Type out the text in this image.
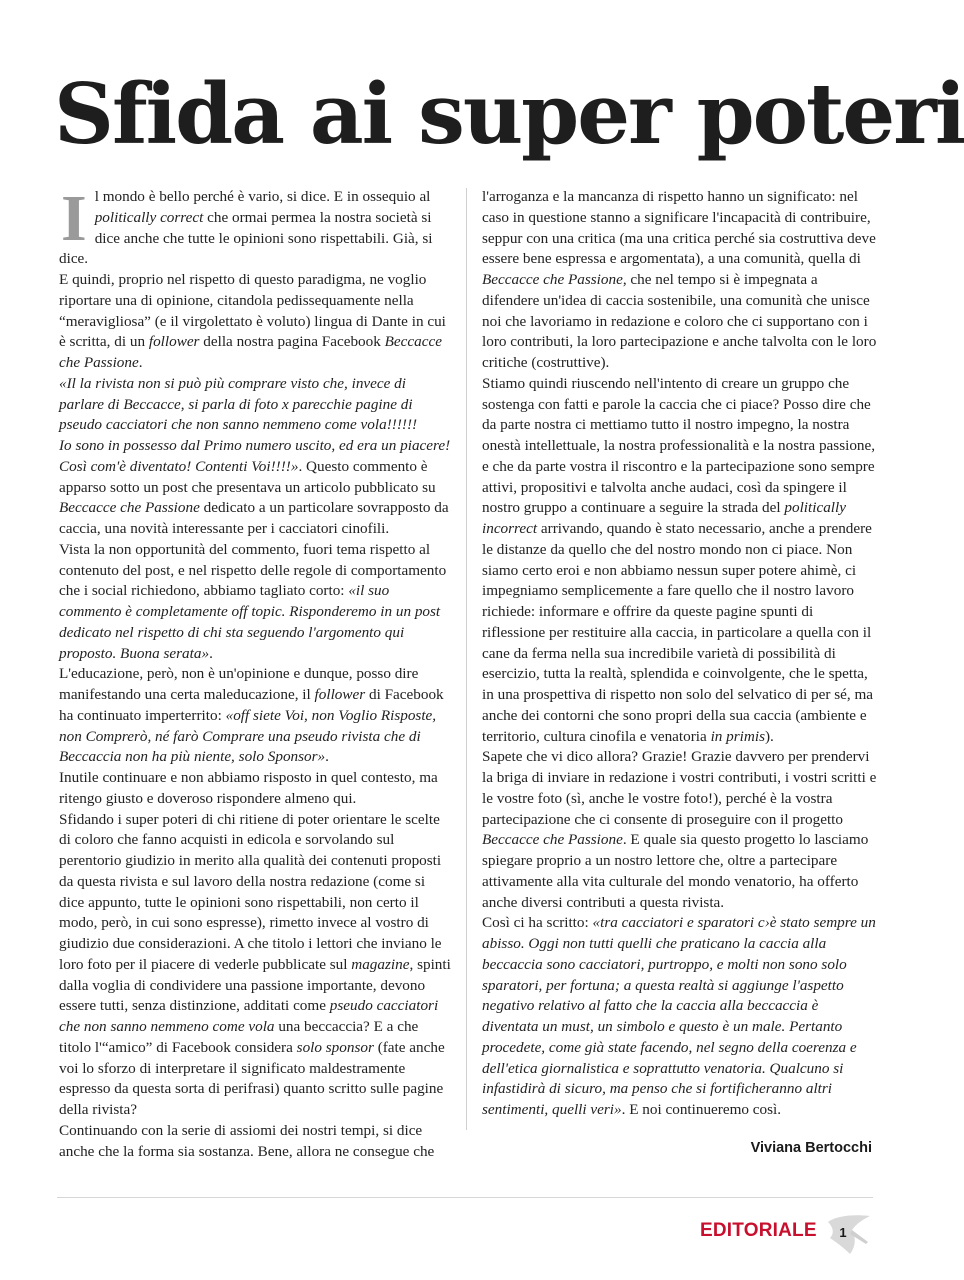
Sfida ai super poteri

Il mondo è bello perché è vario, si dice. E in ossequio al politically correct che ormai permea la nostra società si dice anche che tutte le opinioni sono rispettabili. Già, si dice.

E quindi, proprio nel rispetto di questo paradigma, ne voglio riportare una di opinione, citandola pedissequamente nella “meravigliosa” (e il virgolettato è voluto) lingua di Dante in cui è scritta, di un follower della nostra pagina Facebook Beccacce che Passione.

«Il la rivista non si può più comprare visto che, invece di parlare di Beccacce, si parla di foto x parecchie pagine di pseudo cacciatori che non sanno nemmeno come vola!!!!!!

Io sono in possesso dal Primo numero uscito, ed era un piacere! Così com'è diventato! Contenti Voi!!!!». Questo commento è apparso sotto un post che presentava un articolo pubblicato su Beccacce che Passione dedicato a un particolare sovrapposto da caccia, una novità interessante per i cacciatori cinofili.

Vista la non opportunità del commento, fuori tema rispetto al contenuto del post, e nel rispetto delle regole di comportamento che i social richiedono, abbiamo tagliato corto: «il suo commento è completamente off topic. Risponderemo in un post dedicato nel rispetto di chi sta seguendo l'argomento qui proposto. Buona serata».

L'educazione, però, non è un'opinione e dunque, posso dire manifestando una certa maleducazione, il follower di Facebook ha continuato imperterrito: «off siete Voi, non Voglio Risposte, non Comprerò, né farò Comprare una pseudo rivista che di Beccaccia non ha più niente, solo Sponsor».

Inutile continuare e non abbiamo risposto in quel contesto, ma ritengo giusto e doveroso rispondere almeno qui.

Sfidando i super poteri di chi ritiene di poter orientare le scelte di coloro che fanno acquisti in edicola e sorvolando sul perentorio giudizio in merito alla qualità dei contenuti proposti da questa rivista e sul lavoro della nostra redazione (come si dice appunto, tutte le opinioni sono rispettabili, non certo il modo, però, in cui sono espresse), rimetto invece al vostro di giudizio due considerazioni. A che titolo i lettori che inviano le loro foto per il piacere di vederle pubblicate sul magazine, spinti dalla voglia di condividere una passione importante, devono essere tutti, senza distinzione, additati come pseudo cacciatori che non sanno nemmeno come vola una beccaccia? E a che titolo l'“amico” di Facebook considera solo sponsor (fate anche voi lo sforzo di interpretare il significato maldestramente espresso da questa sorta di perifrasi) quanto scritto sulle pagine della rivista?

Continuando con la serie di assiomi dei nostri tempi, si dice anche che la forma sia sostanza. Bene, allora ne consegue che

l'arroganza e la mancanza di rispetto hanno un significato: nel caso in questione stanno a significare l'incapacità di contribuire, seppur con una critica (ma una critica perché sia costruttiva deve essere bene espressa e argomentata), a una comunità, quella di Beccacce che Passione, che nel tempo si è impegnata a difendere un'idea di caccia sostenibile, una comunità che unisce noi che lavoriamo in redazione e coloro che ci supportano con i loro contributi, la loro partecipazione e anche talvolta con le loro critiche (costruttive).

Stiamo quindi riuscendo nell'intento di creare un gruppo che sostenga con fatti e parole la caccia che ci piace? Posso dire che da parte nostra ci mettiamo tutto il nostro impegno, la nostra onestà intellettuale, la nostra professionalità e la nostra passione, e che da parte vostra il riscontro e la partecipazione sono sempre attivi, propositivi e talvolta anche audaci, così da spingere il nostro gruppo a continuare a seguire la strada del politically incorrect arrivando, quando è stato necessario, anche a prendere le distanze da quello che del nostro mondo non ci piace. Non siamo certo eroi e non abbiamo nessun super potere ahimè, ci impegniamo semplicemente a fare quello che il nostro lavoro richiede: informare e offrire da queste pagine spunti di riflessione per restituire alla caccia, in particolare a quella con il cane da ferma nella sua incredibile varietà di possibilità di esercizio, tutta la realtà, splendida e coinvolgente, che le spetta, in una prospettiva di rispetto non solo del selvatico di per sé, ma anche dei contorni che sono propri della sua caccia (ambiente e territorio, cultura cinofila e venatoria in primis).

Sapete che vi dico allora? Grazie! Grazie davvero per prendervi la briga di inviare in redazione i vostri contributi, i vostri scritti e le vostre foto (sì, anche le vostre foto!), perché è la vostra partecipazione che ci consente di proseguire con il progetto Beccacce che Passione. E quale sia questo progetto lo lasciamo spiegare proprio a un nostro lettore che, oltre a partecipare attivamente alla vita culturale del mondo venatorio, ha offerto anche diversi contributi a questa rivista.

Così ci ha scritto: «tra cacciatori e sparatori c›è stato sempre un abisso. Oggi non tutti quelli che praticano la caccia alla beccaccia sono cacciatori, purtroppo, e molti non sono solo sparatori, per fortuna; a questa realtà si aggiunge l'aspetto negativo relativo al fatto che la caccia alla beccaccia è diventata un must, un simbolo e questo è un male. Pertanto procedete, come già state facendo, nel segno della coerenza e dell'etica giornalistica e soprattutto venatoria. Qualcuno si infastidirà di sicuro, ma penso che si fortificheranno altri sentimenti, quelli veri». E noi continueremo così.

Viviana Bertocchi
EDITORIALE 1
